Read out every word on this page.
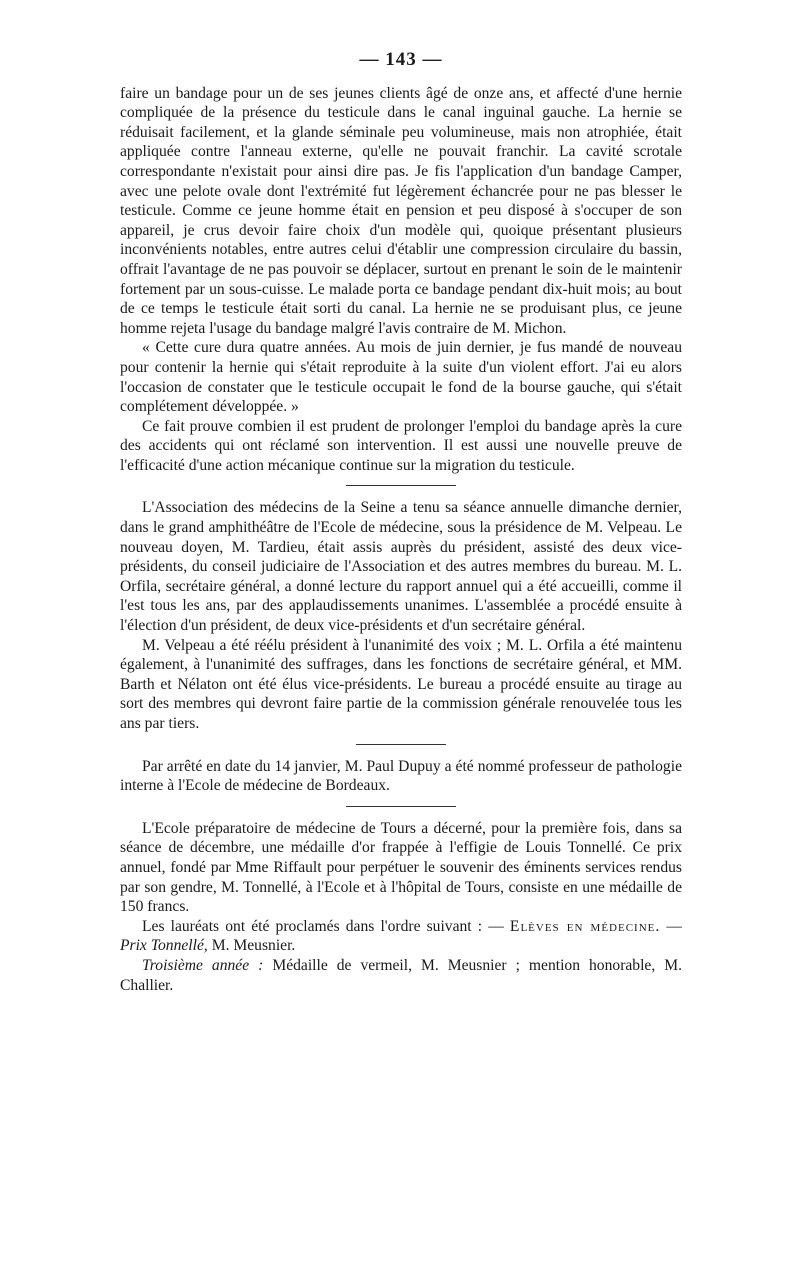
— 143 —

faire un bandage pour un de ses jeunes clients âgé de onze ans, et affecté d'une hernie compliquée de la présence du testicule dans le canal inguinal gauche. La hernie se réduisait facilement, et la glande séminale peu volumineuse, mais non atrophiée, était appliquée contre l'anneau externe, qu'elle ne pouvait franchir. La cavité scrotale correspondante n'existait pour ainsi dire pas. Je fis l'application d'un bandage Camper, avec une pelote ovale dont l'extrémité fut légèrement échancrée pour ne pas blesser le testicule. Comme ce jeune homme était en pension et peu disposé à s'occuper de son appareil, je crus devoir faire choix d'un modèle qui, quoique présentant plusieurs inconvénients notables, entre autres celui d'établir une compression circulaire du bassin, offrait l'avantage de ne pas pouvoir se déplacer, surtout en prenant le soin de le maintenir fortement par un sous-cuisse. Le malade porta ce bandage pendant dix-huit mois; au bout de ce temps le testicule était sorti du canal. La hernie ne se produisant plus, ce jeune homme rejeta l'usage du bandage malgré l'avis contraire de M. Michon.

« Cette cure dura quatre années. Au mois de juin dernier, je fus mandé de nouveau pour contenir la hernie qui s'était reproduite à la suite d'un violent effort. J'ai eu alors l'occasion de constater que le testicule occupait le fond de la bourse gauche, qui s'était complétement développée. »

Ce fait prouve combien il est prudent de prolonger l'emploi du bandage après la cure des accidents qui ont réclamé son intervention. Il est aussi une nouvelle preuve de l'efficacité d'une action mécanique continue sur la migration du testicule.

L'Association des médecins de la Seine a tenu sa séance annuelle dimanche dernier, dans le grand amphithéâtre de l'Ecole de médecine, sous la présidence de M. Velpeau. Le nouveau doyen, M. Tardieu, était assis auprès du président, assisté des deux vice-présidents, du conseil judiciaire de l'Association et des autres membres du bureau. M. L. Orfila, secrétaire général, a donné lecture du rapport annuel qui a été accueilli, comme il l'est tous les ans, par des applaudissements unanimes. L'assemblée a procédé ensuite à l'élection d'un président, de deux vice-présidents et d'un secrétaire général.

M. Velpeau a été réélu président à l'unanimité des voix ; M. L. Orfila a été maintenu également, à l'unanimité des suffrages, dans les fonctions de secrétaire général, et MM. Barth et Nélaton ont été élus vice-présidents. Le bureau a procédé ensuite au tirage au sort des membres qui devront faire partie de la commission générale renouvelée tous les ans par tiers.

Par arrêté en date du 14 janvier, M. Paul Dupuy a été nommé professeur de pathologie interne à l'Ecole de médecine de Bordeaux.

L'Ecole préparatoire de médecine de Tours a décerné, pour la première fois, dans sa séance de décembre, une médaille d'or frappée à l'effigie de Louis Tonnellé. Ce prix annuel, fondé par Mme Riffault pour perpétuer le souvenir des éminents services rendus par son gendre, M. Tonnellé, à l'Ecole et à l'hôpital de Tours, consiste en une médaille de 150 francs.

Les lauréats ont été proclamés dans l'ordre suivant : — Elèves en médecine. — Prix Tonnellé, M. Meusnier.

Troisième année : Médaille de vermeil, M. Meusnier ; mention honorable, M. Challier.
